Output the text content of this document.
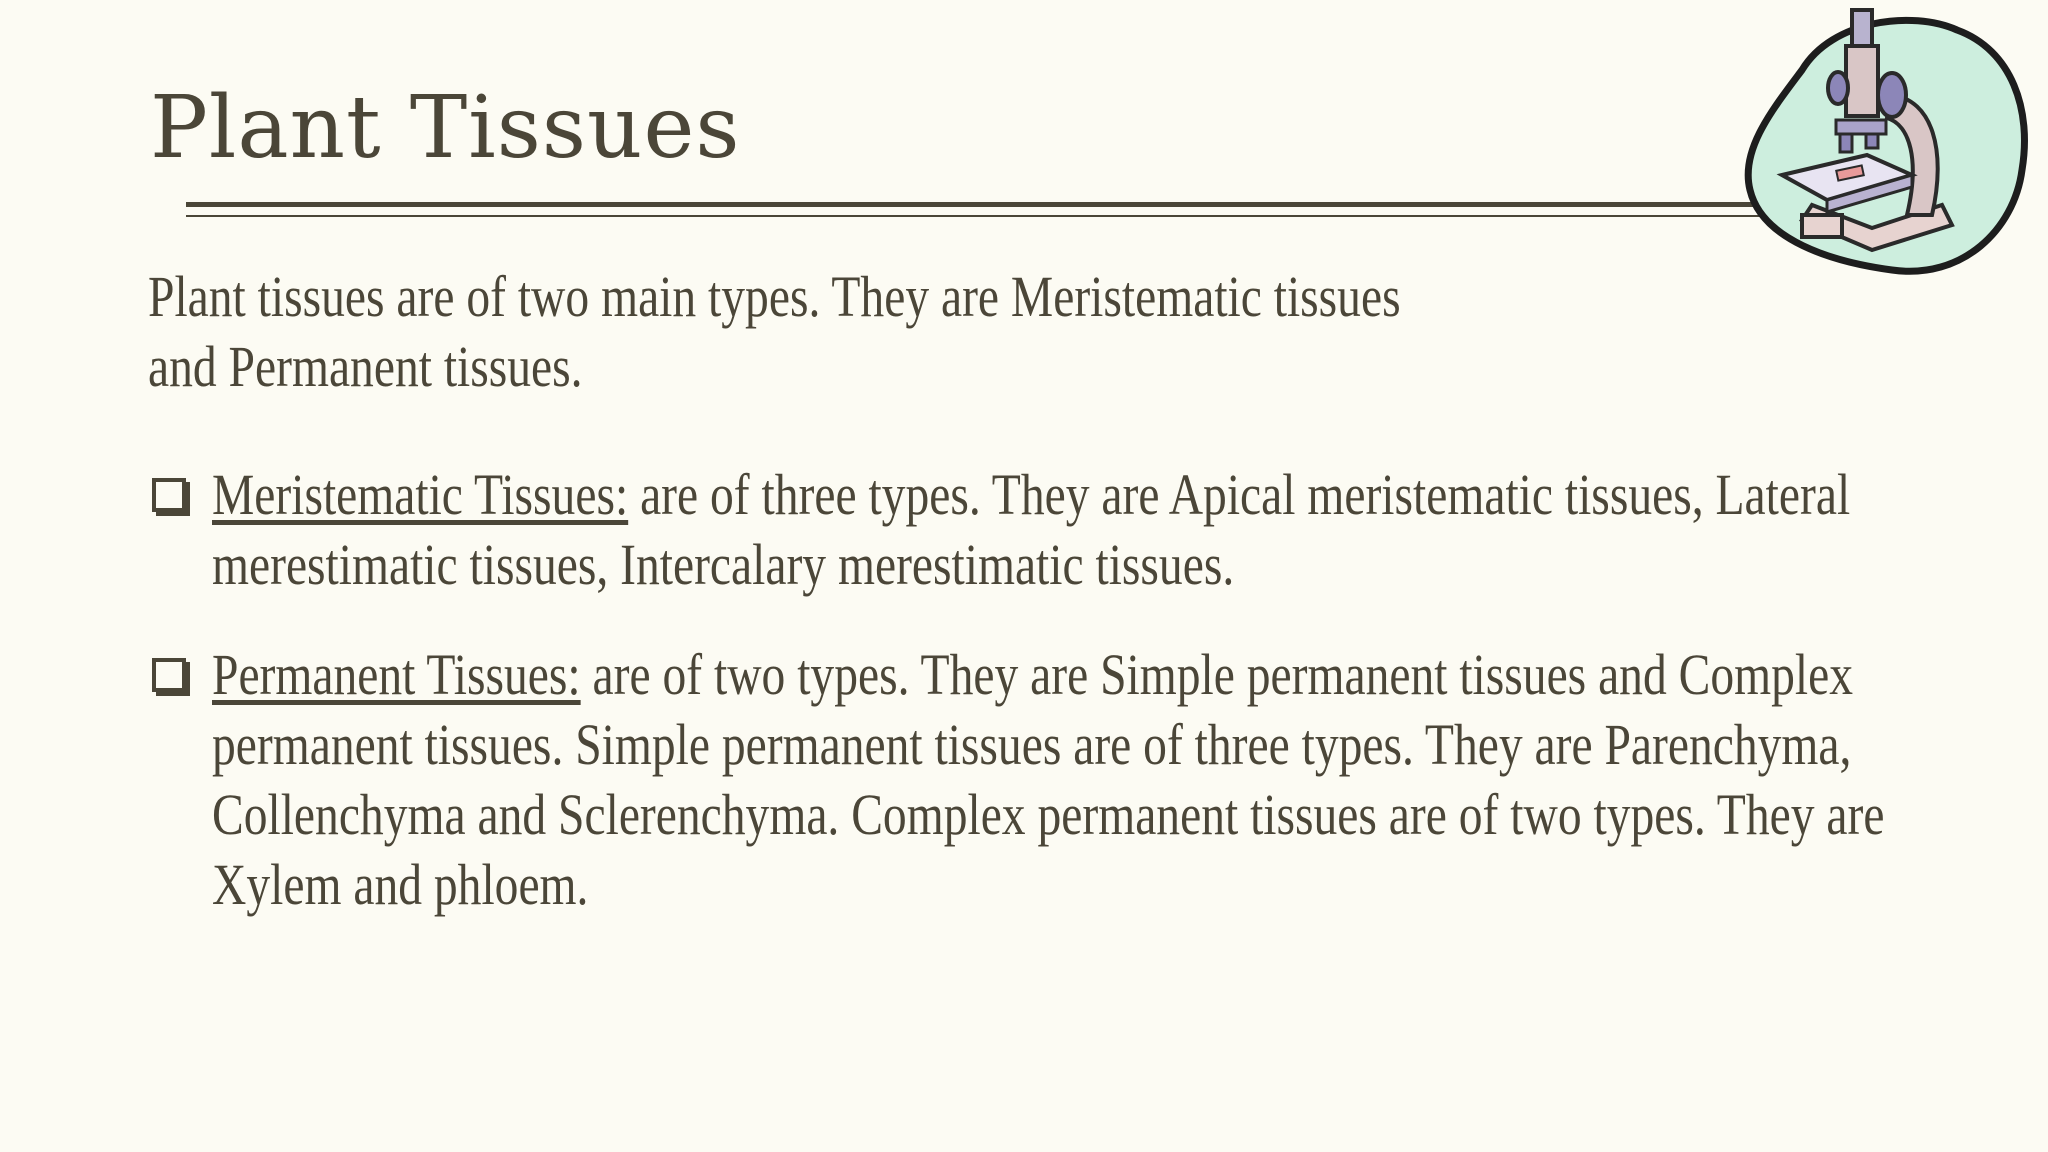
Plant Tissues

Plant tissues are of two main types. They are Meristematic tissues and Permanent tissues.

Meristematic Tissues: are of three types. They are Apical meristematic tissues, Lateral merestimatic tissues, Intercalary merestimatic tissues.

Permanent Tissues: are of two types. They are Simple permanent tissues and Complex permanent tissues. Simple permanent tissues are of three types. They are Parenchyma, Collenchyma and Sclerenchyma. Complex permanent tissues are of two types. They are Xylem and phloem.
